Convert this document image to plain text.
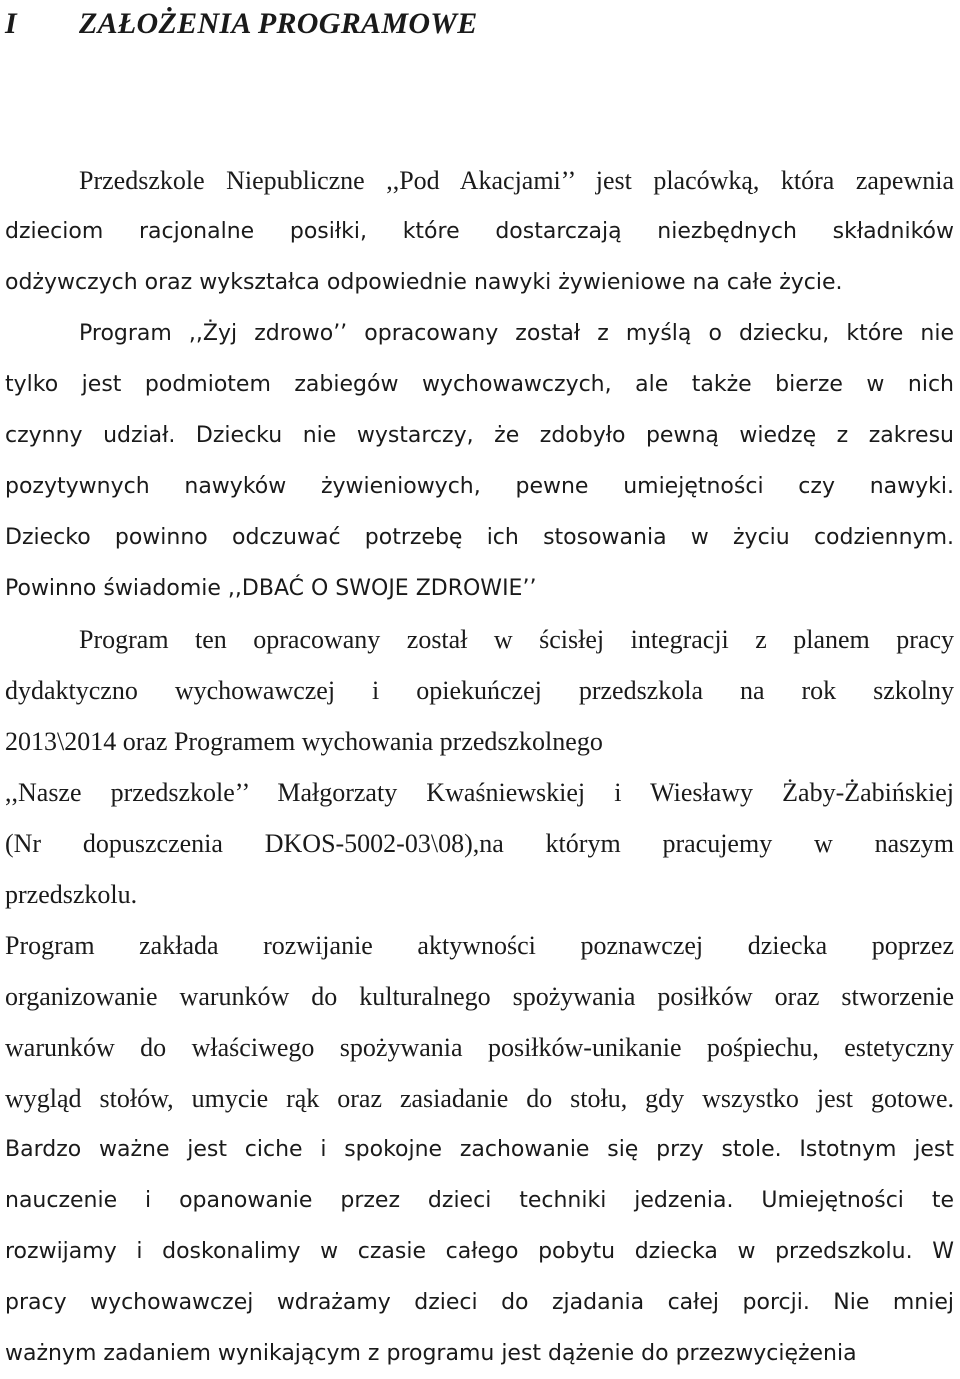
I	ZAŁOŻENIA PROGRAMOWE
Przedszkole Niepubliczne ,,Pod Akacjami’’ jest placówką, która zapewnia
dzieciom racjonalne posiłki, które dostarczają niezbędnych składników
odżywczych oraz wykształca odpowiednie nawyki żywieniowe na całe życie.
Program ,,Żyj zdrowo’’ opracowany został z myślą o dziecku, które nie
tylko jest podmiotem zabiegów wychowawczych, ale także bierze w nich
czynny udział. Dziecku nie wystarczy, że zdobyło pewną wiedzę z zakresu
pozytywnych nawyków żywieniowych, pewne umiejętności czy nawyki.
Dziecko powinno odczuwać potrzebę ich stosowania w życiu codziennym.
Powinno świadomie ,,DBAĆ O SWOJE ZDROWIE’’
Program ten opracowany został w ścisłej integracji z planem pracy
dydaktyczno wychowawczej i opiekuńczej przedszkola na rok szkolny
2013\2014 oraz Programem wychowania przedszkolnego
,,Nasze przedszkole’’ Małgorzaty Kwaśniewskiej i Wiesławy Żaby-Żabińskiej
(Nr dopuszczenia DKOS-5002-03\08),na którym pracujemy w naszym
przedszkolu.
Program zakłada rozwijanie aktywności poznawczej dziecka poprzez
organizowanie warunków do kulturalnego spożywania posiłków oraz stworzenie
warunków do właściwego spożywania posiłków-unikanie pośpiechu, estetyczny
wygląd stołów, umycie rąk oraz zasiadanie do stołu, gdy wszystko jest gotowe.
Bardzo ważne jest ciche i spokojne zachowanie się przy stole. Istotnym jest
nauczenie i opanowanie przez dzieci techniki jedzenia. Umiejętności te
rozwijamy i doskonalimy w czasie całego pobytu dziecka w przedszkolu. W
pracy wychowawczej wdrażamy dzieci do zjadania całej porcji. Nie mniej
ważnym zadaniem wynikającym z programu jest dążenie do przezwyciężenia
